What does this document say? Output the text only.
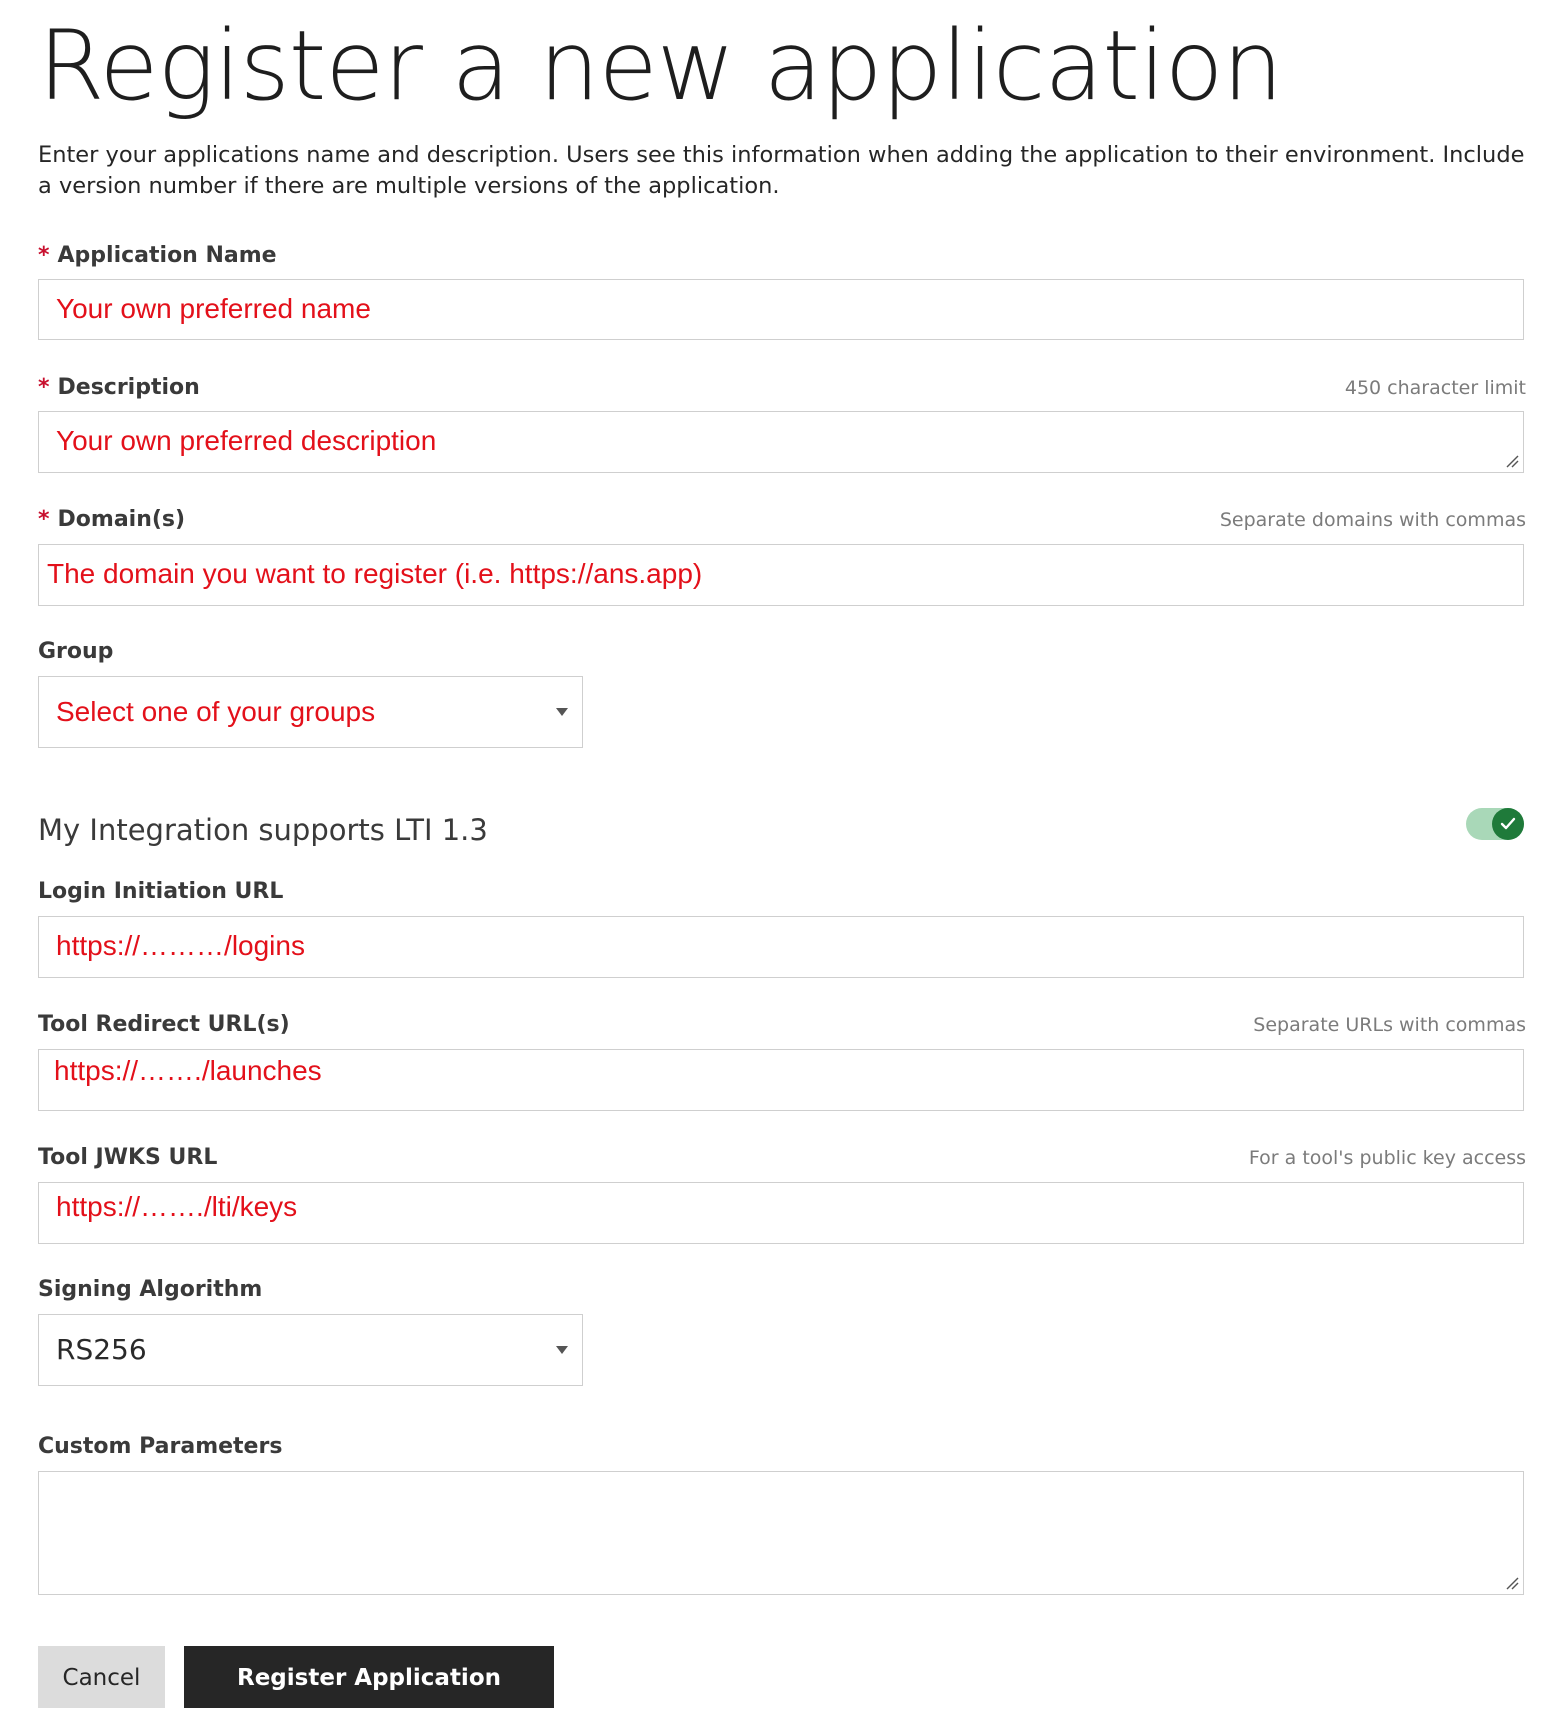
Register a new application

Enter your applications name and description. Users see this information when adding the application to their environment. Include a version number if there are multiple versions of the application.

* Application Name
Your own preferred name
* Description	450 character limit
Your own preferred description
* Domain(s)	Separate domains with commas
The domain you want to register (i.e. https://ans.app)
Group
Select one of your groups
My Integration supports LTI 1.3
Login Initiation URL
https://………/logins
Tool Redirect URL(s)	Separate URLs with commas
https://……./launches
Tool JWKS URL	For a tool's public key access
https://……./lti/keys
Signing Algorithm
RS256
Custom Parameters
Cancel	Register Application
